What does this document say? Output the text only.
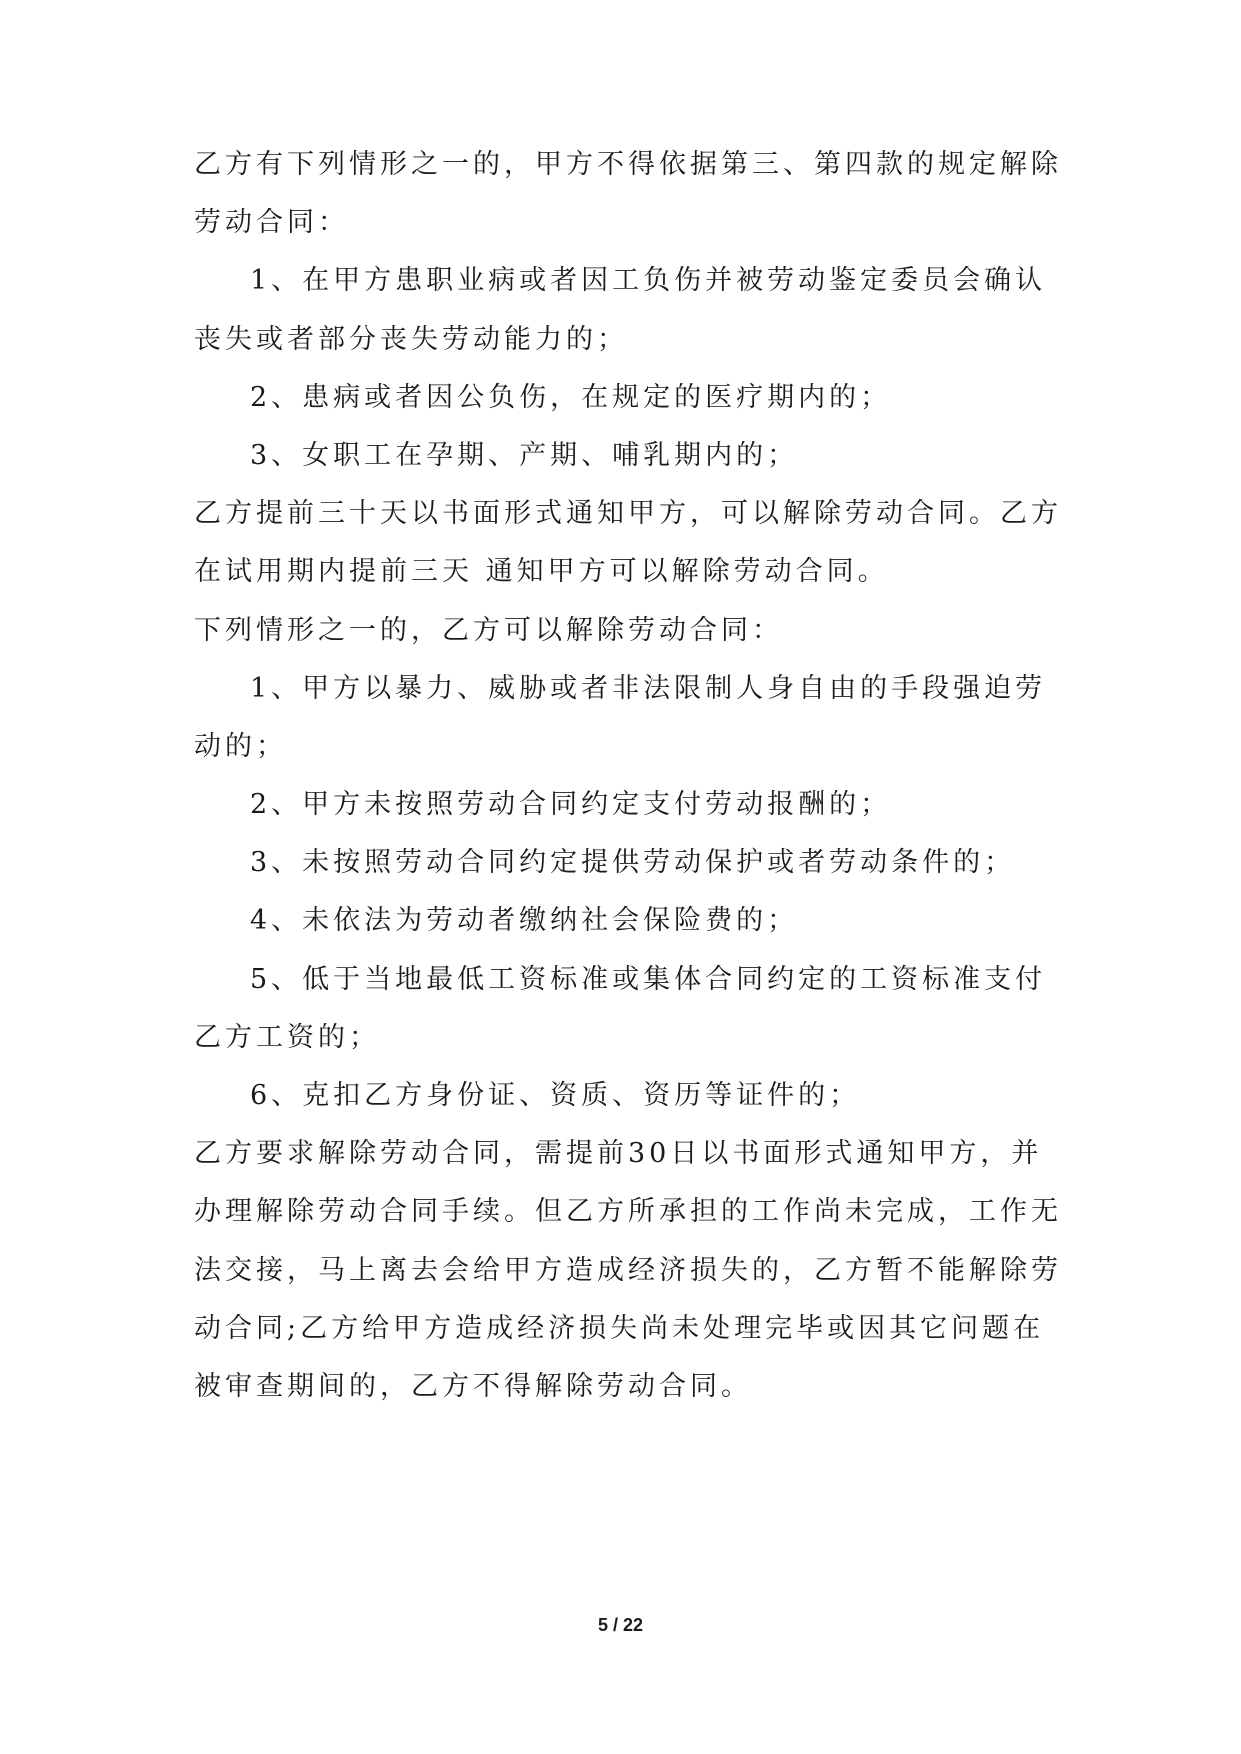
乙方有下列情形之一的，甲方不得依据第三、第四款的规定解除
劳动合同：
1、在甲方患职业病或者因工负伤并被劳动鉴定委员会确认
丧失或者部分丧失劳动能力的；
2、患病或者因公负伤，在规定的医疗期内的；
3、女职工在孕期、产期、哺乳期内的；
乙方提前三十天以书面形式通知甲方，可以解除劳动合同。乙方
在试用期内提前三天 通知甲方可以解除劳动合同。
下列情形之一的，乙方可以解除劳动合同：
1、甲方以暴力、威胁或者非法限制人身自由的手段强迫劳
动的；
2、甲方未按照劳动合同约定支付劳动报酬的；
3、未按照劳动合同约定提供劳动保护或者劳动条件的；
4、未依法为劳动者缴纳社会保险费的；
5、低于当地最低工资标准或集体合同约定的工资标准支付
乙方工资的；
6、克扣乙方身份证、资质、资历等证件的；
乙方要求解除劳动合同，需提前30日以书面形式通知甲方，并
办理解除劳动合同手续。但乙方所承担的工作尚未完成，工作无
法交接，马上离去会给甲方造成经济损失的，乙方暂不能解除劳
动合同;乙方给甲方造成经济损失尚未处理完毕或因其它问题在
被审查期间的，乙方不得解除劳动合同。
5 / 22
